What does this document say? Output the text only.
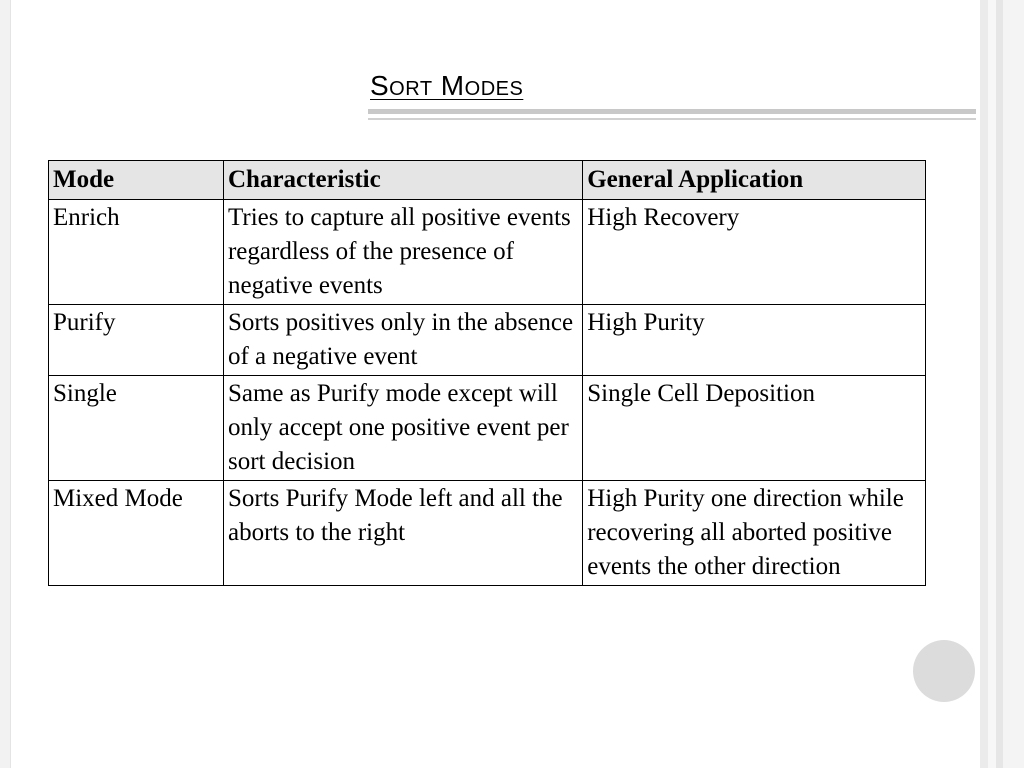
Sort Modes
Mode	Characteristic	General Application
Enrich	Tries to capture all positive events regardless of the presence of negative events	High Recovery
Purify	Sorts positives only in the absence of a negative event	High Purity
Single	Same as Purify mode except will only accept one positive event per sort decision	Single Cell Deposition
Mixed Mode	Sorts Purify Mode left and all the aborts to the right	High Purity one direction while recovering all aborted positive events the other direction
